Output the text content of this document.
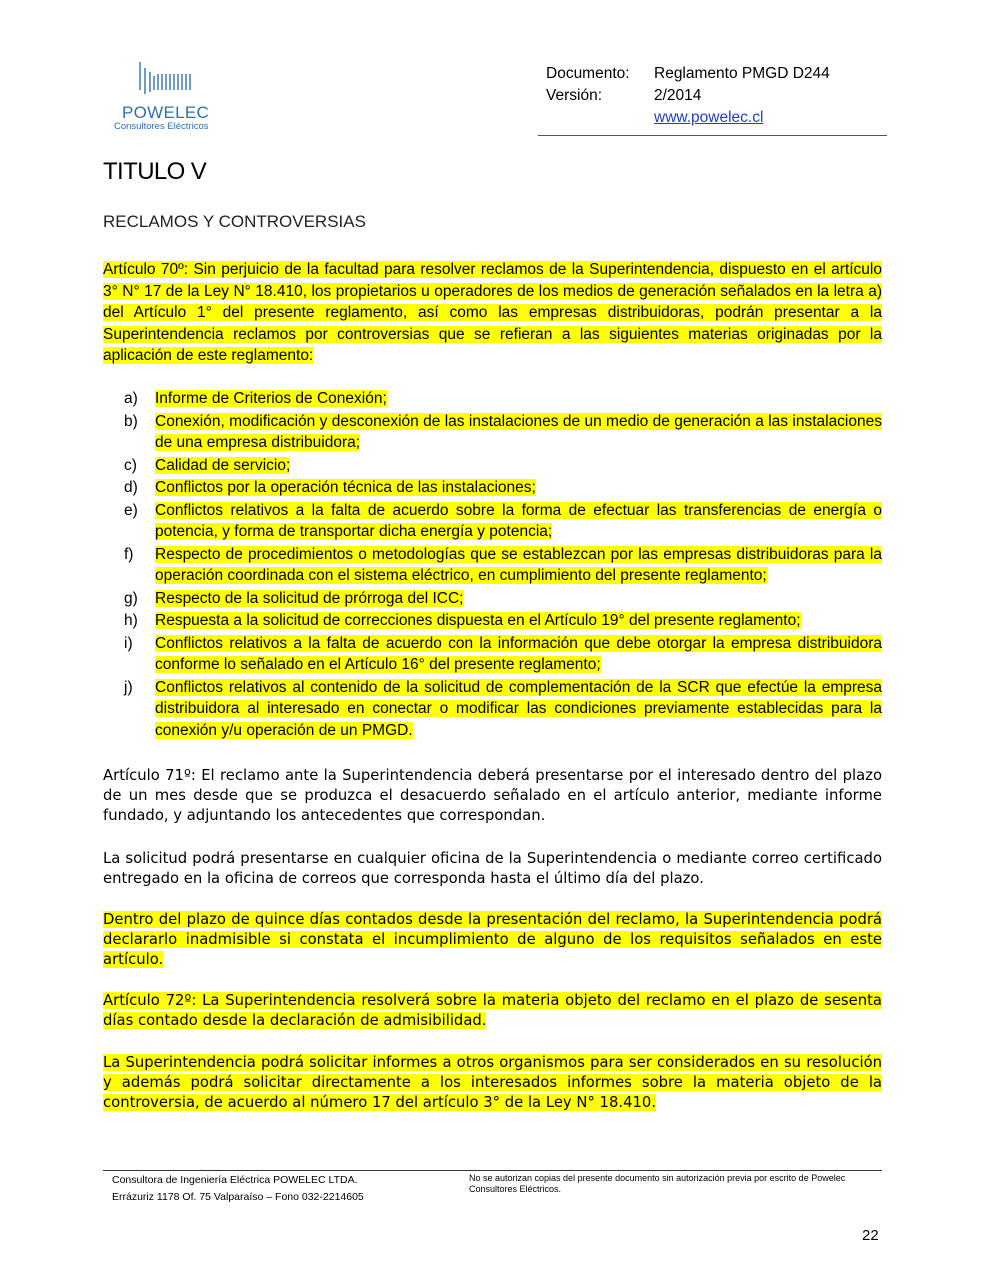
POWELEC
Consultores Eléctricos
Documento:	Reglamento PMGD D244
Versión:	2/2014
www.powelec.cl
TITULO V
RECLAMOS Y CONTROVERSIAS
Artículo 70º: Sin perjuicio de la facultad para resolver reclamos de la Superintendencia, dispuesto en el artículo 3° N° 17 de la Ley N° 18.410, los propietarios u operadores de los medios de generación señalados en la letra a) del Artículo 1° del presente reglamento, así como las empresas distribuidoras, podrán presentar a la Superintendencia reclamos por controversias que se refieran a las siguientes materias originadas por la aplicación de este reglamento:
a)	Informe de Criterios de Conexión;
b)	Conexión, modificación y desconexión de las instalaciones de un medio de generación a las instalaciones de una empresa distribuidora;
c)	Calidad de servicio;
d)	Conflictos por la operación técnica de las instalaciones;
e)	Conflictos relativos a la falta de acuerdo sobre la forma de efectuar las transferencias de energía o potencia, y forma de transportar dicha energía y potencia;
f)	Respecto de procedimientos o metodologías que se establezcan por las empresas distribuidoras para la operación coordinada con el sistema eléctrico, en cumplimiento del presente reglamento;
g)	Respecto de la solicitud de prórroga del ICC;
h)	Respuesta a la solicitud de correcciones dispuesta en el Artículo 19° del presente reglamento;
i)	Conflictos relativos a la falta de acuerdo con la información que debe otorgar la empresa distribuidora conforme lo señalado en el Artículo 16° del presente reglamento;
j)	Conflictos relativos al contenido de la solicitud de complementación de la SCR que efectúe la empresa distribuidora al interesado en conectar o modificar las condiciones previamente establecidas para la conexión y/u operación de un PMGD.
Artículo 71º: El reclamo ante la Superintendencia deberá presentarse por el interesado dentro del plazo de un mes desde que se produzca el desacuerdo señalado en el artículo anterior, mediante informe fundado, y adjuntando los antecedentes que correspondan.
La solicitud podrá presentarse en cualquier oficina de la Superintendencia o mediante correo certificado entregado en la oficina de correos que corresponda hasta el último día del plazo.
Dentro del plazo de quince días contados desde la presentación del reclamo, la Superintendencia podrá declararlo inadmisible si constata el incumplimiento de alguno de los requisitos señalados en este artículo.
Artículo 72º: La Superintendencia resolverá sobre la materia objeto del reclamo en el plazo de sesenta días contado desde la declaración de admisibilidad.
La Superintendencia podrá solicitar informes a otros organismos para ser considerados en su resolución y además podrá solicitar directamente a los interesados informes sobre la materia objeto de la controversia, de acuerdo al número 17 del artículo 3° de la Ley N° 18.410.
Consultora de Ingeniería Eléctrica POWELEC LTDA.
Errázuriz 1178 Of. 75 Valparaíso – Fono 032-2214605
No se autorizan copias del presente documento sin autorización previa por escrito de Powelec Consultores Eléctricos.
22
